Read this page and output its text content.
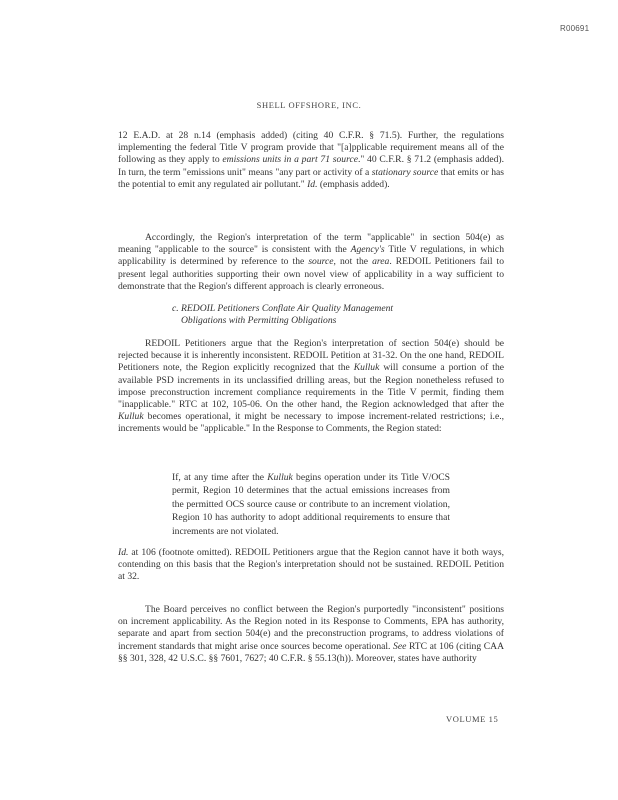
R00691
SHELL OFFSHORE, INC.

12 E.A.D. at 28 n.14 (emphasis added) (citing 40 C.F.R. § 71.5). Further, the regulations implementing the federal Title V program provide that "[a]pplicable requirement means all of the following as they apply to emissions units in a part 71 source." 40 C.F.R. § 71.2 (emphasis added). In turn, the term "emissions unit" means "any part or activity of a stationary source that emits or has the potential to emit any regulated air pollutant." Id. (emphasis added).

Accordingly, the Region's interpretation of the term "applicable" in section 504(e) as meaning "applicable to the source" is consistent with the Agency's Title V regulations, in which applicability is determined by reference to the source, not the area. REDOIL Petitioners fail to present legal authorities supporting their own novel view of applicability in a way sufficient to demonstrate that the Region's different approach is clearly erroneous.

c. REDOIL Petitioners Conflate Air Quality Management
Obligations with Permitting Obligations

REDOIL Petitioners argue that the Region's interpretation of section 504(e) should be rejected because it is inherently inconsistent. REDOIL Petition at 31-32. On the one hand, REDOIL Petitioners note, the Region explicitly recognized that the Kulluk will consume a portion of the available PSD increments in its unclassified drilling areas, but the Region nonetheless refused to impose preconstruction increment compliance requirements in the Title V permit, finding them "inapplicable." RTC at 102, 105-06. On the other hand, the Region acknowledged that after the Kulluk becomes operational, it might be necessary to impose increment-related restrictions; i.e., increments would be "applicable." In the Response to Comments, the Region stated:

If, at any time after the Kulluk begins operation under its Title V/OCS permit, Region 10 determines that the actual emissions increases from the permitted OCS source cause or contribute to an increment violation, Region 10 has authority to adopt additional requirements to ensure that increments are not violated.

Id. at 106 (footnote omitted). REDOIL Petitioners argue that the Region cannot have it both ways, contending on this basis that the Region's interpretation should not be sustained. REDOIL Petition at 32.

The Board perceives no conflict between the Region's purportedly "inconsistent" positions on increment applicability. As the Region noted in its Response to Comments, EPA has authority, separate and apart from section 504(e) and the preconstruction programs, to address violations of increment standards that might arise once sources become operational. See RTC at 106 (citing CAA §§ 301, 328, 42 U.S.C. §§ 7601, 7627; 40 C.F.R. § 55.13(h)). Moreover, states have authority

VOLUME 15
